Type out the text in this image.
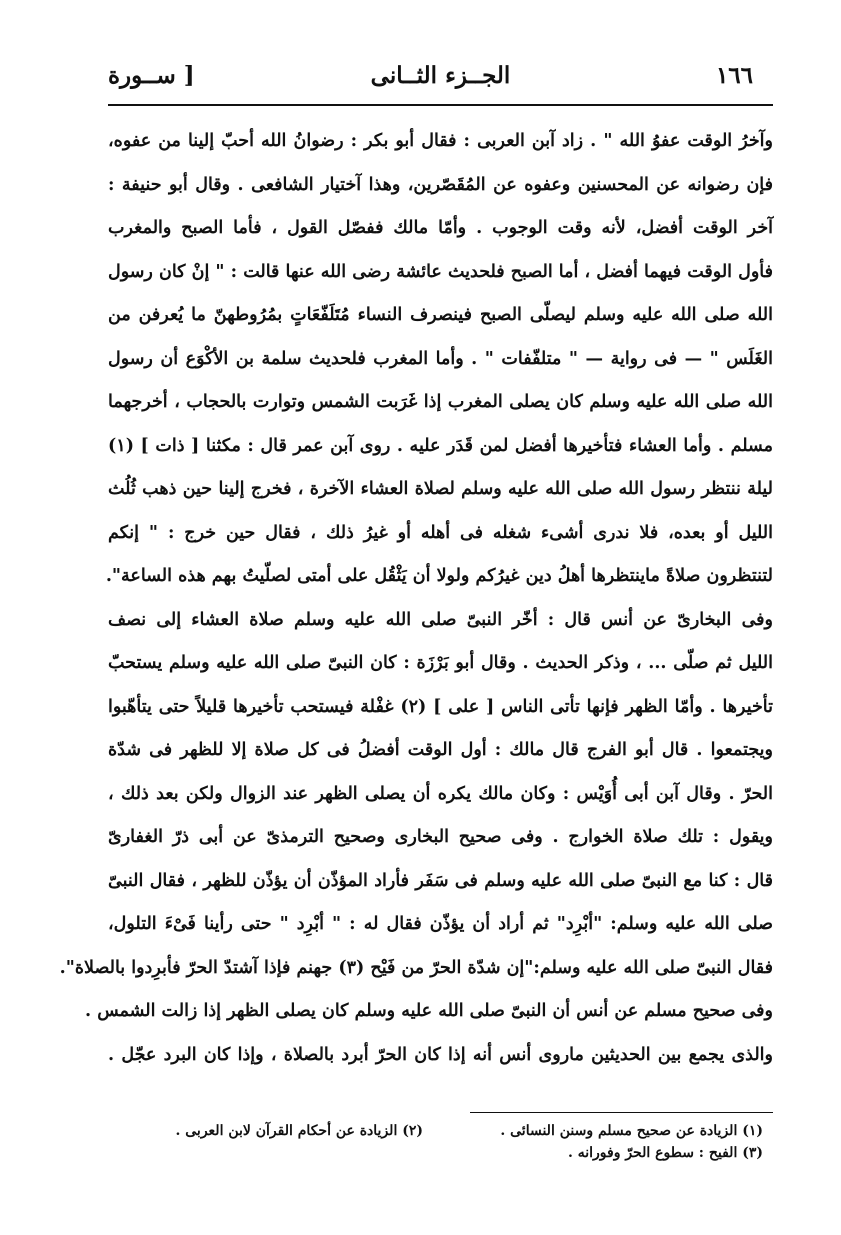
١٦٦
الجــزء الثــانى
[ ســورة
وآخرُ الوقت عفوُ الله " . زاد آبن العربى : فقال أبو بكر : رضوانُ الله أحبّ إلينا من عفوه،
فإن رضوانه عن المحسنين وعفوه عن المُقَصّرين، وهذا آختيار الشافعى . وقال أبو حنيفة :
آخر الوقت أفضل، لأنه وقت الوجوب . وأمّا مالك ففصّل القول ، فأما الصبح والمغرب
فأول الوقت فيهما أفضل ، أما الصبح فلحديث عائشة رضى الله عنها قالت : " إنْ كان رسول
الله صلى الله عليه وسلم ليصلّى الصبح فينصرف النساء مُتَلَفّعَاتٍ بمُرُوطهنّ ما يُعرفن من
الغَلَس " — فى رواية — " متلفّفات " . وأما المغرب فلحديث سلمة بن الأكْوَع أن رسول
الله صلى الله عليه وسلم كان يصلى المغرب إذا غَرَبت الشمس وتوارت بالحجاب ، أخرجهما
مسلم . وأما العشاء فتأخيرها أفضل لمن قَدَر عليه . روى آبن عمر قال : مكثنا [ ذات ] (١)
ليلة ننتظر رسول الله صلى الله عليه وسلم لصلاة العشاء الآخرة ، فخرج إلينا حين ذهب ثُلُث
الليل أو بعده، فلا ندرى أشىء شغله فى أهله أو غيرُ ذلك ، فقال حين خرج : " إنكم
لتنتظرون صلاةً ماينتظرها أهلُ دين غيرُكم ولولا أن يَثْقُل على أمتى لصلّيتُ بهم هذه الساعة".
وفى البخارىّ عن أنس قال : أخّر النبىّ صلى الله عليه وسلم صلاة العشاء إلى نصف
الليل ثم صلّى ... ، وذكر الحديث . وقال أبو بَرْزَة : كان النبىّ صلى الله عليه وسلم يستحبّ
تأخيرها . وأمّا الظهر فإنها تأتى الناس [ على ] (٢) غفْلة فيستحب تأخيرها قليلاً حتى يتأهّبوا
ويجتمعوا . قال أبو الفرج قال مالك : أول الوقت أفضلُ فى كل صلاة إلا للظهر فى شدّة
الحرّ . وقال آبن أبى أُوَيْس : وكان مالك يكره أن يصلى الظهر عند الزوال ولكن بعد ذلك ،
ويقول : تلك صلاة الخوارج . وفى صحيح البخارى وصحيح الترمذىّ عن أبى ذرّ الغفارىّ
قال : كنا مع النبىّ صلى الله عليه وسلم فى سَفَر فأراد المؤذّن أن يؤذّن للظهر ، فقال النبىّ
صلى الله عليه وسلم: "أبْرِد" ثم أراد أن يؤذّن فقال له : " أبْرِد " حتى رأينا فَىْءَ التلول،
فقال النبىّ صلى الله عليه وسلم:"إن شدّة الحرّ من فَيْح (٣) جهنم فإذا آشتدّ الحرّ فأبرِدوا بالصلاة".
وفى صحيح مسلم عن أنس أن النبىّ صلى الله عليه وسلم كان يصلى الظهر إذا زالت الشمس .
والذى يجمع بين الحديثين ماروى أنس أنه إذا كان الحرّ أبرد بالصلاة ، وإذا كان البرد عجّل .
(١) الزيادة عن صحيح مسلم وسنن النسائى .
(٢) الزيادة عن أحكام القرآن لابن العربى .
(٣) الفيح : سطوع الحرّ وفورانه .
